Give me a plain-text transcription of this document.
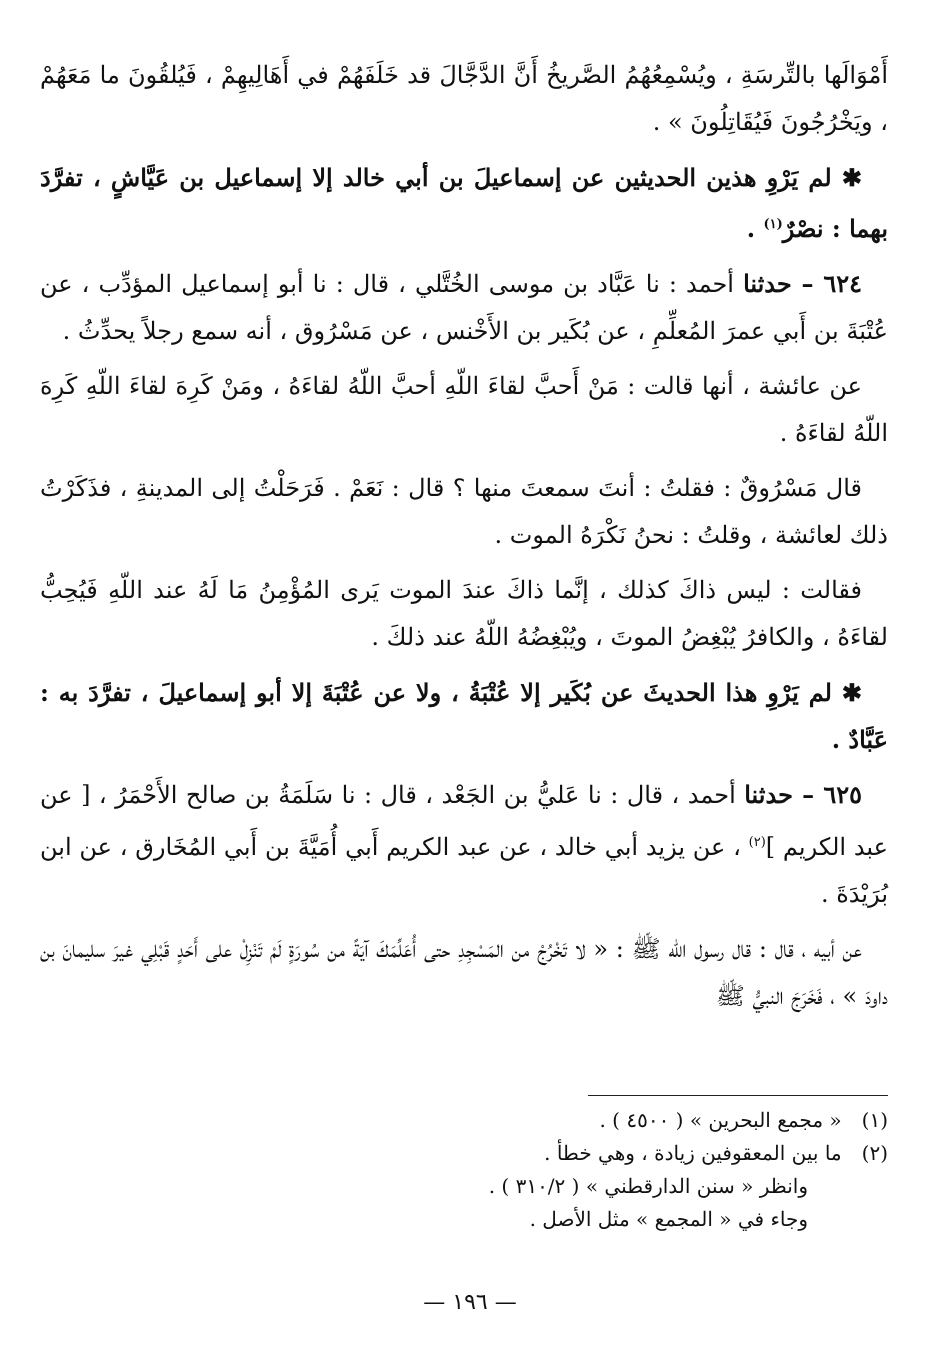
أَمْوَالَها بالتِّرسَةِ ، ويُسْمِعُهُمُ الصَّريخُ أَنَّ الدَّجَّالَ قد خَلَفَهُمْ في أَهَالِيهِمْ ، فَيُلقُونَ ما مَعَهُمْ ، ويَخْرُجُونَ فَيُقَاتِلُونَ » .

✱ لم يَرْوِ هذين الحديثين عن إسماعيلَ بن أبي خالد إلا إسماعيل بن عَيَّاشٍ ، تفرَّدَ بهما : نصْرٌ$^{(١)}$ .

٦٢٤ – حدثنا أحمد : نا عَبَّاد بن موسى الخُتَّلي ، قال : نا أبو إسماعيل المؤدِّب ، عن عُتْبَةَ بن أَبي عمرَ المُعلِّمِ ، عن بُكَير بن الأَخْنس ، عن مَسْرُوق ، أنه سمع رجلاً يحدِّثُ .

عن عائشة ، أنها قالت : مَنْ أَحبَّ لقاءَ اللّهِ أحبَّ اللّهُ لقاءَهُ ، ومَنْ كَرِهَ لقاءَ اللّهِ كَرِهَ اللّهُ لقاءَهُ .

قال مَسْرُوقٌ : فقلتُ : أنتَ سمعتَ منها ؟ قال : نَعَمْ . فَرَحَلْتُ إلى المدينةِ ، فذَكَرْتُ ذلك لعائشة ، وقلتُ : نحنُ نَكْرَهُ الموت .

فقالت : ليس ذاكَ كذلك ، إنَّما ذاكَ عندَ الموت يَرى المُؤْمِنُ مَا لَهُ عند اللّهِ فَيُحِبُّ لقاءَهُ ، والكافرُ يُبْغِضُ الموتَ ، ويُبْغِضُهُ اللّهُ عند ذلكَ .

✱ لم يَرْوِ هذا الحديثَ عن بُكَير إلا عُتْبَةُ ، ولا عن عُتْبَةَ إلا أبو إسماعيلَ ، تفرَّدَ به : عَبَّادٌ .

٦٢٥ – حدثنا أحمد ، قال : نا عَليُّ بن الجَعْد ، قال : نا سَلَمَةُ بن صالح الأَحْمَرُ ، [ عن عبد الكريم ]$^{(٢)}$ ، عن يزيد أبي خالد ، عن عبد الكريم أَبي أُمَيَّةَ بن أَبي المُخَارق ، عن ابن بُرَيْدَةَ .

عن أبيه ، قال : قال رسول الله ﷺ : « لا تَخْرُجْ من المَسْجِدِ حتى أُعَلِّمَكَ آيَةً من سُورَةٍ لَمْ تَنْزِلْ على أَحَدٍ قَبْلِي غيرَ سليمانَ بن داودَ » ، فَخَرَجَ النبيُّ ﷺ

(١) « مجمع البحرين » ( ٤٥٠٠ ) .

(٢) ما بين المعقوفين زيادة ، وهي خطأ .

وانظر « سنن الدارقطني » ( ٣١٠/٢ ) .

وجاء في « المجمع » مثل الأصل .

— ١٩٦ —
